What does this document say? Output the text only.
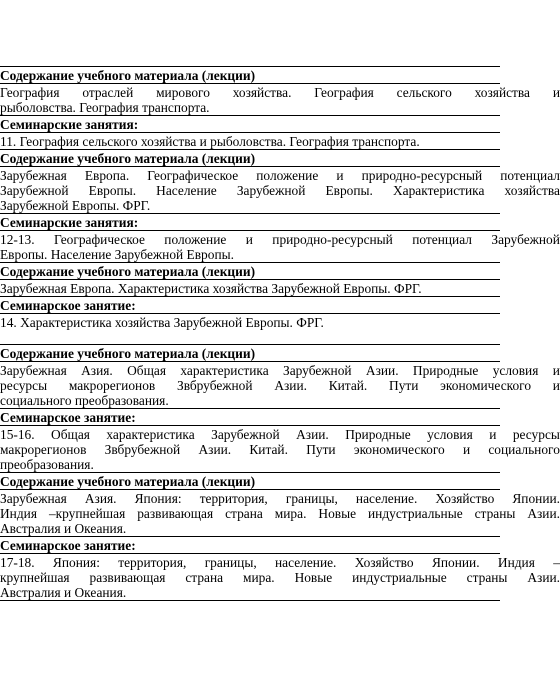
Содержание учебного материала (лекции)
География отраслей мирового хозяйства. География сельского хозяйства и
рыболовства. География транспорта.
Семинарские занятия:
11. География сельского хозяйства и рыболовства. География транспорта.
Содержание учебного материала (лекции)
Зарубежная Европа. Географическое положение и природно-ресурсный потенциал
Зарубежной Европы. Население Зарубежной Европы. Характеристика хозяйства
Зарубежной Европы. ФРГ.
Семинарские занятия:
12-13. Географическое положение и природно-ресурсный потенциал Зарубежной
Европы. Население Зарубежной Европы.
Содержание учебного материала (лекции)
Зарубежная Европа. Характеристика хозяйства Зарубежной Европы. ФРГ.
Семинарское занятие:
14. Характеристика хозяйства Зарубежной Европы. ФРГ.
Содержание учебного материала (лекции)
Зарубежная Азия. Общая характеристика Зарубежной Азии. Природные условия и
ресурсы макрорегионов Звбрубежной Азии. Китай. Пути экономического и
социального преобразования.
Семинарское занятие:
15-16. Общая характеристика Зарубежной Азии. Природные условия и ресурсы
макрорегионов Звбрубежной Азии. Китай. Пути экономического и социального
преобразования.
Содержание учебного материала (лекции)
Зарубежная Азия. Япония: территория, границы, население. Хозяйство Японии.
Индия –крупнейшая развивающая страна мира. Новые индустриальные страны Азии.
Австралия и Океания.
Семинарское занятие:
17-18. Япония: территория, границы, население. Хозяйство Японии. Индия –
крупнейшая развивающая страна мира. Новые индустриальные страны Азии.
Австралия и Океания.
